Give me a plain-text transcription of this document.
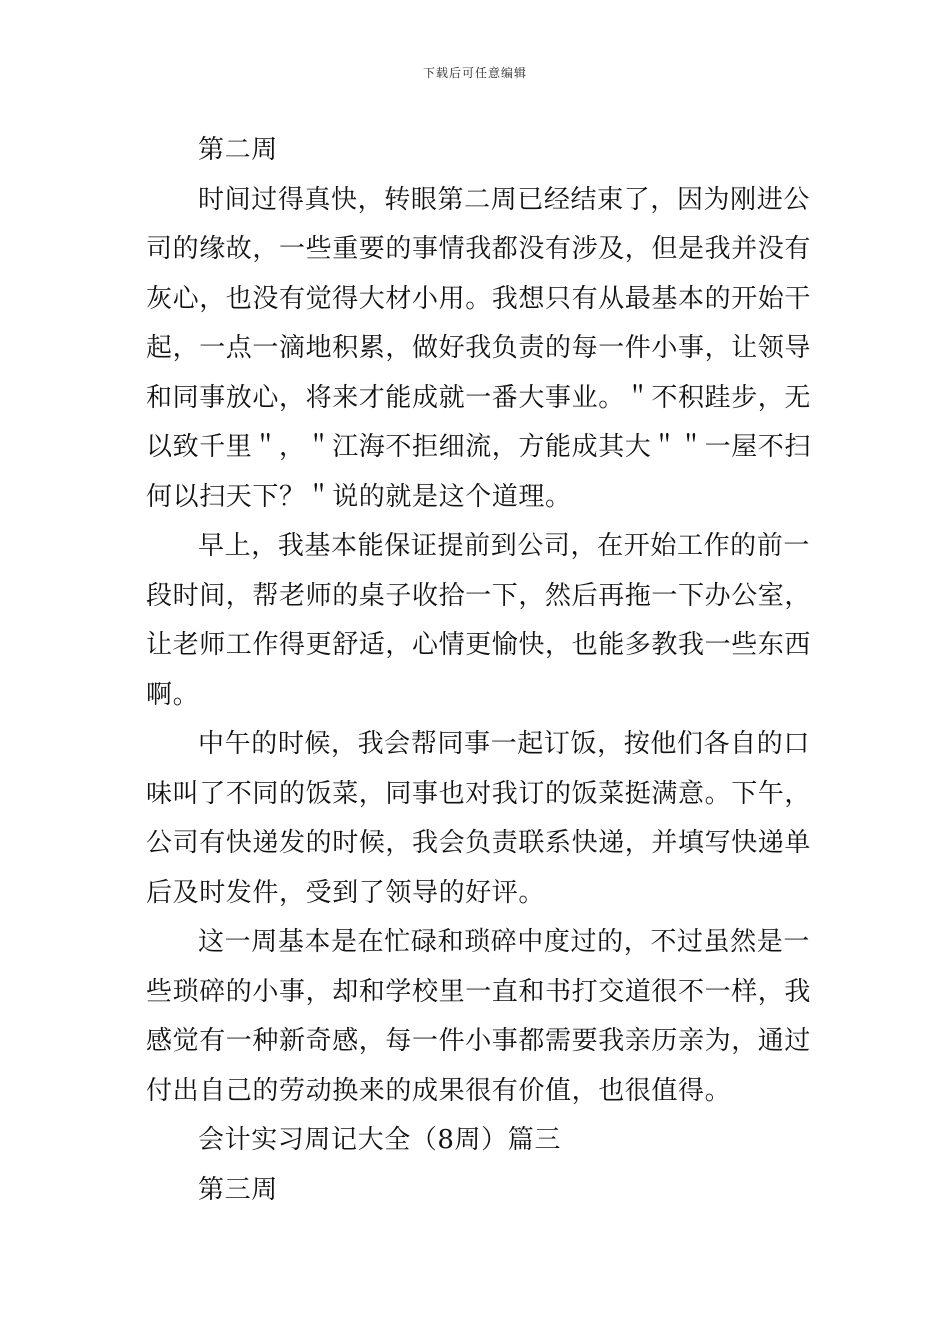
下载后可任意编辑
第二周
时间过得真快，转眼第二周已经结束了，因为刚进公
司的缘故，一些重要的事情我都没有涉及，但是我并没有
灰心，也没有觉得大材小用。我想只有从最基本的开始干
起，一点一滴地积累，做好我负责的每一件小事，让领导
和同事放心，将来才能成就一番大事业。＂不积跬步，无
以致千里＂，＂江海不拒细流，方能成其大＂＂一屋不扫
何以扫天下？＂说的就是这个道理。
早上，我基本能保证提前到公司，在开始工作的前一
段时间，帮老师的桌子收拾一下，然后再拖一下办公室，
让老师工作得更舒适，心情更愉快，也能多教我一些东西
啊。
中午的时候，我会帮同事一起订饭，按他们各自的口
味叫了不同的饭菜，同事也对我订的饭菜挺满意。下午，
公司有快递发的时候，我会负责联系快递，并填写快递单
后及时发件，受到了领导的好评。
这一周基本是在忙碌和琐碎中度过的，不过虽然是一
些琐碎的小事，却和学校里一直和书打交道很不一样，我
感觉有一种新奇感，每一件小事都需要我亲历亲为，通过
付出自己的劳动换来的成果很有价值，也很值得。
会计实习周记大全（8周）篇三
第三周
